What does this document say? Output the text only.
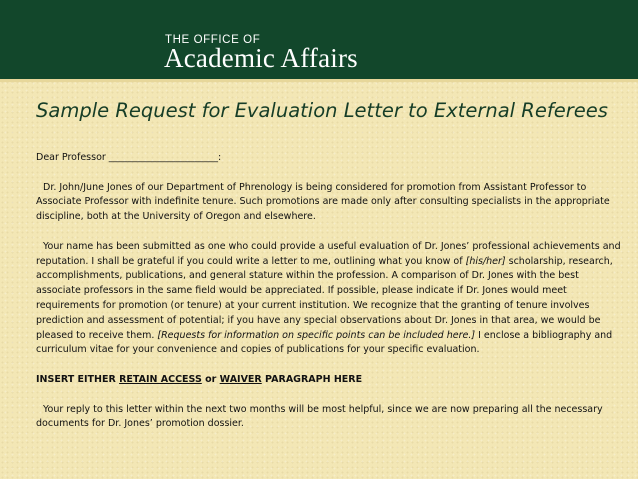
THE OFFICE OF
Academic Affairs
Sample Request for Evaluation Letter to External Referees

Dear Professor _______________________:

Dr. John/June Jones of our Department of Phrenology is being considered for promotion from Assistant Professor to Associate Professor with indefinite tenure. Such promotions are made only after consulting specialists in the appropriate discipline, both at the University of Oregon and elsewhere.

Your name has been submitted as one who could provide a useful evaluation of Dr. Jones’ professional achievements and reputation. I shall be grateful if you could write a letter to me, outlining what you know of [his/her] scholarship, research, accomplishments, publications, and general stature within the profession. A comparison of Dr. Jones with the best associate professors in the same field would be appreciated. If possible, please indicate if Dr. Jones would meet requirements for promotion (or tenure) at your current institution. We recognize that the granting of tenure involves prediction and assessment of potential; if you have any special observations about Dr. Jones in that area, we would be pleased to receive them. [Requests for information on specific points can be included here.] I enclose a bibliography and curriculum vitae for your convenience and copies of publications for your specific evaluation.

INSERT EITHER RETAIN ACCESS or WAIVER PARAGRAPH HERE

Your reply to this letter within the next two months will be most helpful, since we are now preparing all the necessary documents for Dr. Jones’ promotion dossier.
